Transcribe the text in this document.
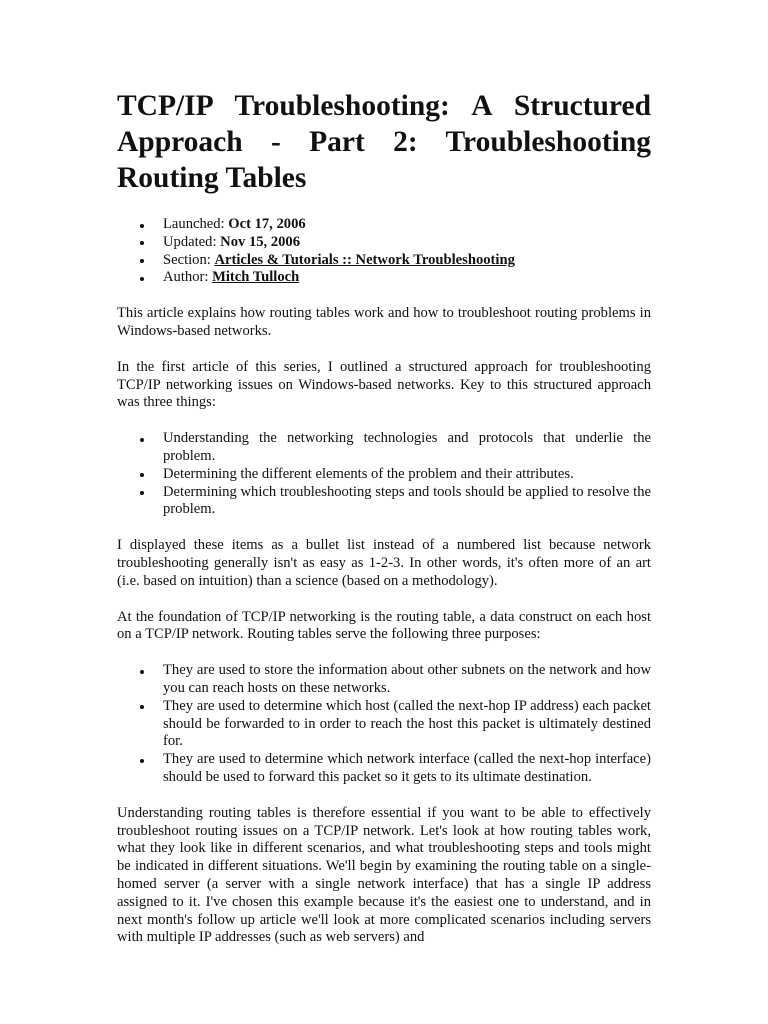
TCP/IP Troubleshooting: A Structured Approach - Part 2: Troubleshooting Routing Tables
Launched: Oct 17, 2006
Updated: Nov 15, 2006
Section: Articles & Tutorials :: Network Troubleshooting
Author: Mitch Tulloch

This article explains how routing tables work and how to troubleshoot routing problems in Windows-based networks.

In the first article of this series, I outlined a structured approach for troubleshooting TCP/IP networking issues on Windows-based networks. Key to this structured approach was three things:

Understanding the networking technologies and protocols that underlie the problem.
Determining the different elements of the problem and their attributes.
Determining which troubleshooting steps and tools should be applied to resolve the problem.

I displayed these items as a bullet list instead of a numbered list because network troubleshooting generally isn't as easy as 1-2-3. In other words, it's often more of an art (i.e. based on intuition) than a science (based on a methodology).

At the foundation of TCP/IP networking is the routing table, a data construct on each host on a TCP/IP network. Routing tables serve the following three purposes:

They are used to store the information about other subnets on the network and how you can reach hosts on these networks.
They are used to determine which host (called the next-hop IP address) each packet should be forwarded to in order to reach the host this packet is ultimately destined for.
They are used to determine which network interface (called the next-hop interface) should be used to forward this packet so it gets to its ultimate destination.

Understanding routing tables is therefore essential if you want to be able to effectively troubleshoot routing issues on a TCP/IP network. Let's look at how routing tables work, what they look like in different scenarios, and what troubleshooting steps and tools might be indicated in different situations. We'll begin by examining the routing table on a single-homed server (a server with a single network interface) that has a single IP address assigned to it. I've chosen this example because it's the easiest one to understand, and in next month's follow up article we'll look at more complicated scenarios including servers with multiple IP addresses (such as web servers) and
